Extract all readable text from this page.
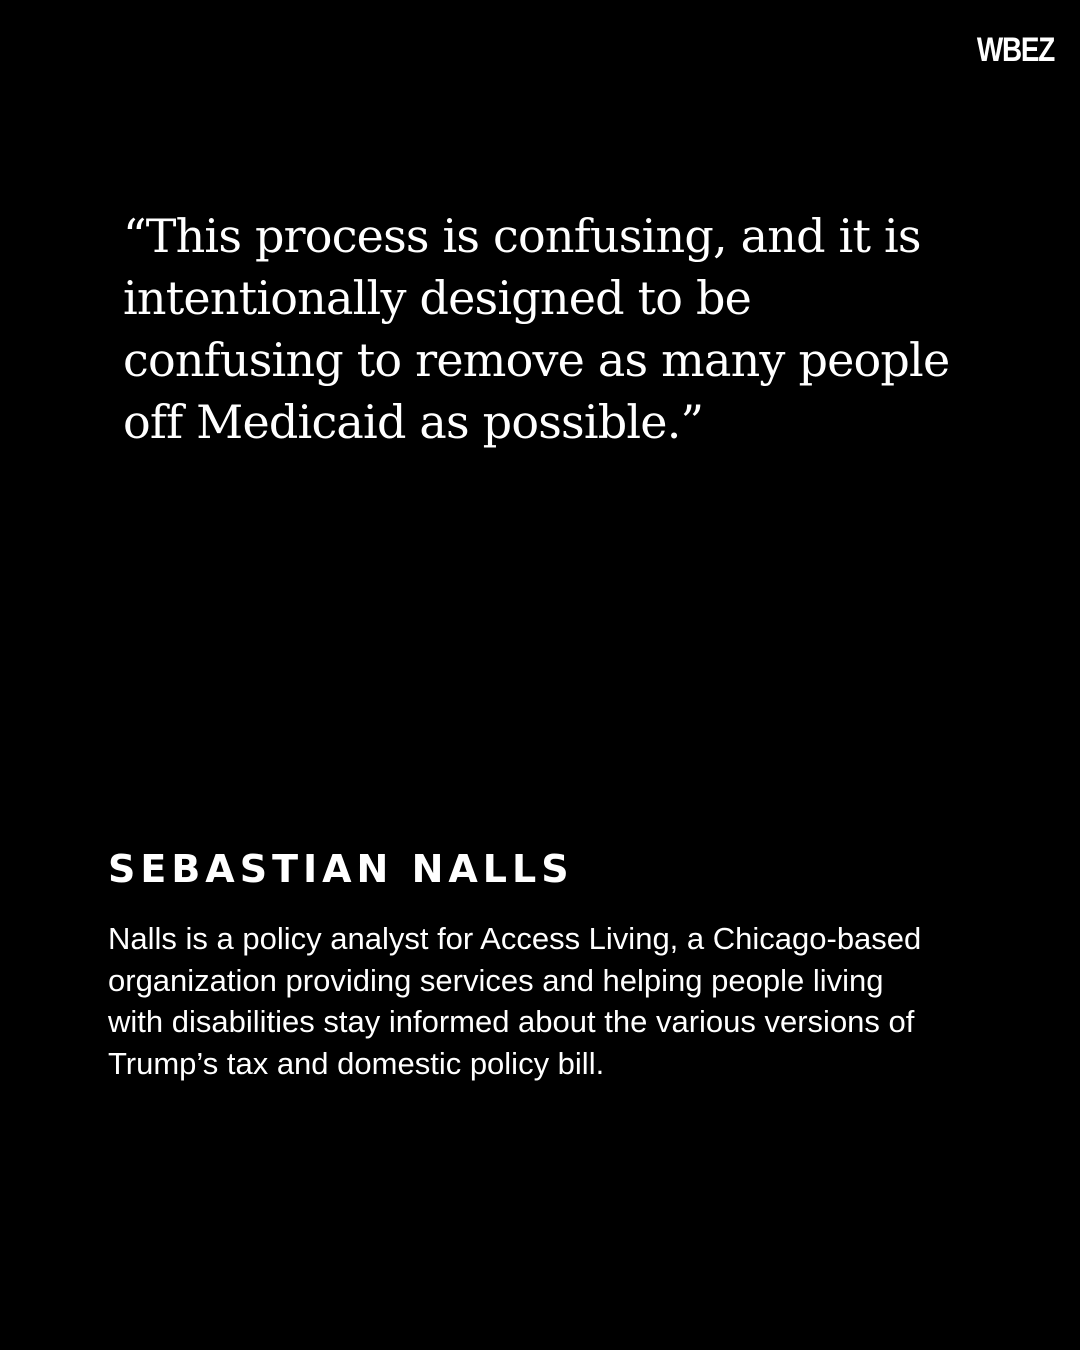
WBEZ

“This process is confusing, and it is intentionally designed to be confusing to remove as many people off Medicaid as possible.”

SEBASTIAN NALLS

Nalls is a policy analyst for Access Living, a Chicago-based organization providing services and helping people living with disabilities stay informed about the various versions of Trump’s tax and domestic policy bill.
